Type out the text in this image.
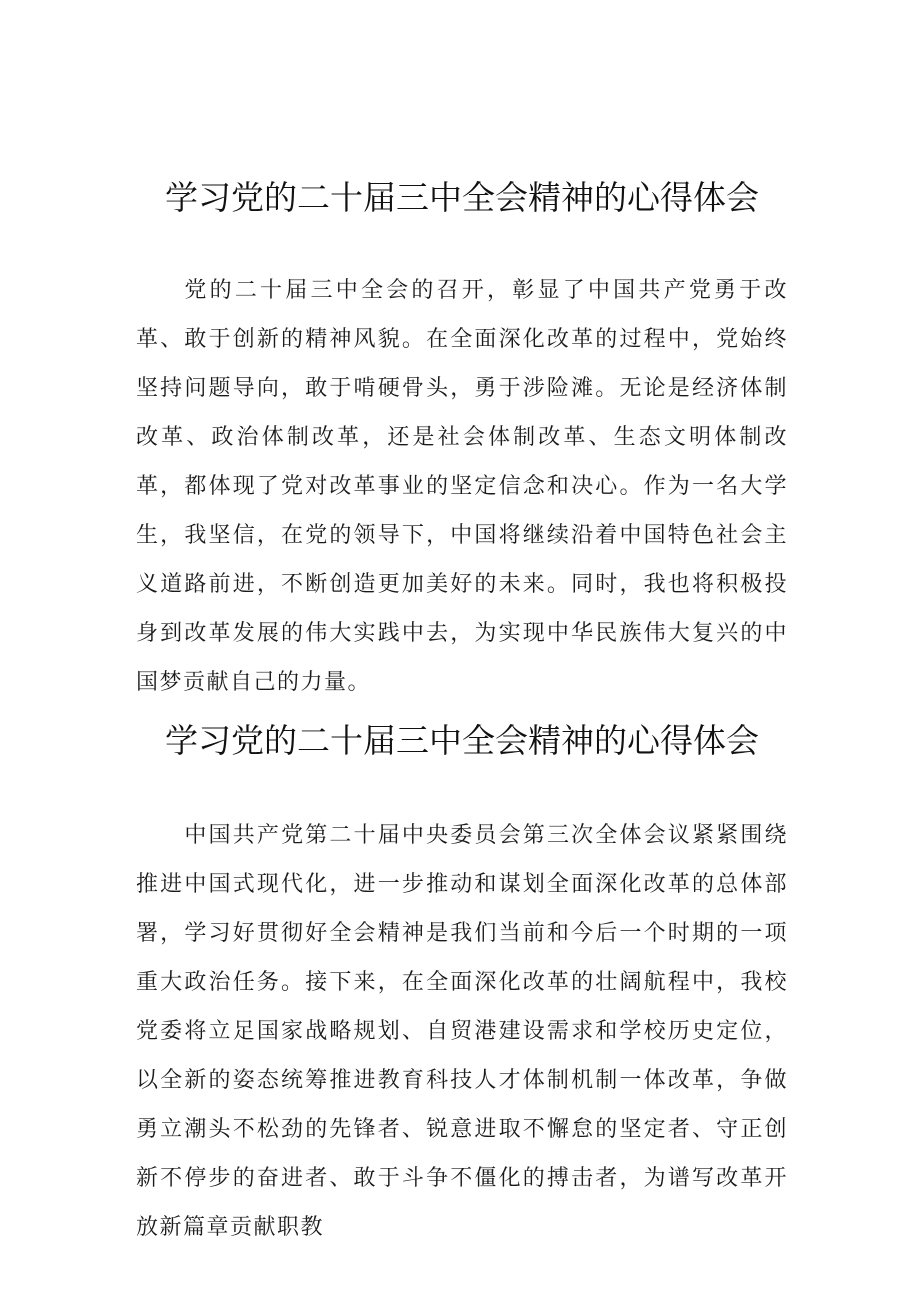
学习党的二十届三中全会精神的心得体会

党的二十届三中全会的召开，彰显了中国共产党勇于改革、敢于创新的精神风貌。在全面深化改革的过程中，党始终坚持问题导向，敢于啃硬骨头，勇于涉险滩。无论是经济体制改革、政治体制改革，还是社会体制改革、生态文明体制改革，都体现了党对改革事业的坚定信念和决心。作为一名大学生，我坚信，在党的领导下，中国将继续沿着中国特色社会主义道路前进，不断创造更加美好的未来。同时，我也将积极投身到改革发展的伟大实践中去，为实现中华民族伟大复兴的中国梦贡献自己的力量。

学习党的二十届三中全会精神的心得体会

中国共产党第二十届中央委员会第三次全体会议紧紧围绕推进中国式现代化，进一步推动和谋划全面深化改革的总体部署，学习好贯彻好全会精神是我们当前和今后一个时期的一项重大政治任务。接下来，在全面深化改革的壮阔航程中，我校党委将立足国家战略规划、自贸港建设需求和学校历史定位，以全新的姿态统筹推进教育科技人才体制机制一体改革，争做勇立潮头不松劲的先锋者、锐意进取不懈怠的坚定者、守正创新不停步的奋进者、敢于斗争不僵化的搏击者，为谱写改革开放新篇章贡献职教
